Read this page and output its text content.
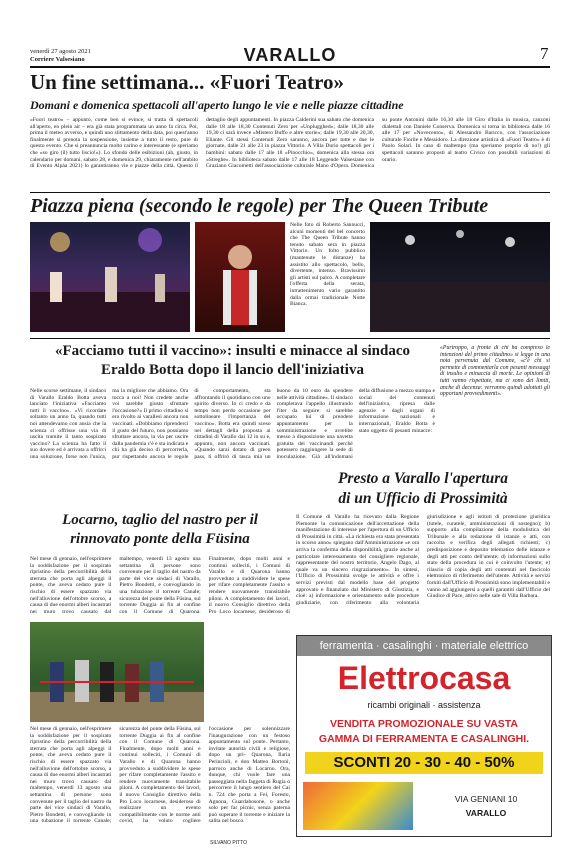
venerdì 27 agosto 2021
Corriere Valsesiano	VARALLO	7
Un fine settimana... «Fuori Teatro»
Domani e domenica spettacoli all'aperto lungo le vie e nelle piazze cittadine
«Fuori teatro» – appunto, come ben si evince, si tratta di spettacoli all'aperto, en plein air – era già stata programmata un anno fa circa. Poi, prima il meteo avverso, e quindi uno slittamento della data, poi quest'anno finalmente si prenota la sospensione, insieme a tutto il resto, pure di questo evento. Che si preannuncia molto carino e interessante (e speriamo che «so giro (il) tutto liscio!»). Lo sfondo delle esibizioni (ah, giusto, in calendario per domani, sabato 28, e domenica 29, chiaramente nell'ambito di Evento Alpàa 2021) lo garantiranno vie e piazze della città. Questo il dettaglio degli appuntamenti. In piazza Calderini sua sabato che domenica dalle 18 alle 18,30 Contenuti Zero per «Unplugghed»; dalle 18,30 alle 19,30 ci sarà invece «Mistero Buffo e altre storie»; dalle 19,30 alle 20,30, Eliante. Gli stessi Contenuti Zero saranno, ancora per tutte e due le giornate, dalle 21 alle 23 in piazza Vittorio. A Villa Durio spettacoli per i bambini: sabato dalle 17 alle 18 «Pinocchio», domenica alla stessa ora «Streghe». In biblioteca sabato dalle 17 alle 18 Leggende Valsesiane con Graziano Giacometti dell'associazione culturale Mano d'Opera. Domenica su ponte Antonini dalle 16,30 alle 18 Giro d'Italia in musica, canzoni dialettali con Daniele Conserva. Domenica si torna in biblioteca dalle 16 alle 17 per «Novecento», di Alessandro Baricco, con l'associazione culturale Fiorile e Messidoro. La direzione artistica di «Fuori Teatro» è di Paolo Solari. In caso di maltempo (ma speriamo proprio di no!) gli spettacoli saranno proposti al teatro Civico con possibili variazioni di orario.
Piazza piena (secondo le regole) per The Queen Tribute
Nelle foto di Roberto Sannucci, alcuni momenti del bel concerto che The Queen Tribute hanno tenuto sabato sera in piazza Vittorio. Un folto pubblico (mantenute le distanze) ha assistito allo spettacolo, bello, divertente, intenso. Bravissimi gli artisti sul palco. A completare l'offerta della serata, intrattenimento vario garantito dalla ormai tradizionale Notte Bianca.
«Facciamo tutti il vaccino»: insulti e minacce al sindaco
Eraldo Botta dopo il lancio dell'iniziativa
«Purtroppo, a fronte di chi ha compreso le intenzioni del primo cittadino» si legge in una nota pervenuta dal Comune, «c'è chi si permette di commentarla con pesanti messaggi di insulto e minaccia di morte. Le opinioni di tutti vanno rispettate, ma ci sono dei limiti, anche di decenza: verranno quindi adottati gli opportuni provvedimenti».
Nelle scorse settimane, il sindaco di Varallo Eraldo Botta aveva lanciato l'iniziativa «Facciamo tutti il vaccino». «Vi ricordate soltanto un anno fa, quando tutti noi attendevamo con ansia che la scienza ci offrisse una via di uscita tramite il tanto sospirato vaccino? La scienza ha fatto il suo dovere ed è arrivata a offrirci una soluzione, forse non l'unica, ma la migliore che abbiamo. Ora tocca a noi! Non credete anche voi sarebbe giusto sfruttare l'occasione?» Il primo cittadino si era rivolto ai varallesi ancora non vaccinati. «Dobbiamo riprenderci il gusto del futuro, non possiamo sfruttare ancora, la via per uscire dalla pandemia c'è e sta indicata e chi ha già deciso di percorrerla, pur rispettando ancora le regole di comportamento, sta affrontando il quotidiano con uno spirito diverso. Io ci credo e da tempo non perdo occasione per sottolineare l'importanza del vaccino». Botta era quindi sceso nei dettagli della proposta ai cittadini di Varallo dai 12 in su e, appunto, non ancora vaccinati. «Quando sarai dotato di green pass, ti offrirò di tasca mia un buono da 10 euro da spendere nelle attività cittadine». Il sindaco completava l'appello illustrando l'iter da seguire: si sarebbe occupato lui di prendere appuntamento per la somministrazione e avrebbe messo a disposizione una navetta gratuita dei vaccinandi perché potessero raggiungere la sede di inoculazione. Già all'indomani della diffusione a mezzo stampa e social dei contenuti dell'iniziativa, ripresa dalle agenzie e dagli organi di informazione nazionali e internazionali, Eraldo Botta è stato oggetto di pesanti minacce:
Presto a Varallo l'apertura
di un Ufficio di Prossimità
Il Comune di Varallo ha ricevuto dalla Regione Piemonte la comunicazione dell'accettazione della manifestazione di interesse per l'apertura di un Ufficio di Prossimità in città. «La richiesta era stata presentata in scorso anno» spiegano dall'Amministrazione «e ora arriva la conferma della disponibilità, grazie anche al particolare interessamento del consigliere regionale, rappresentante del nostro territorio, Angelo Dago, al quale va un sincero ringraziamento». In sintesi, l'Ufficio di Prossimità svolge le attività e offre i servizi previsti dal modello base del progetto approvato e finanziato dal Ministero di Giustizia, e cioè: a) informazione e orientamento sulle procedure giudiziarie, con riferimento alla volontaria giurisdizione e agli istituti di protezione giuridica (tutele, curatele, amministrazioni di sostegno); b) supporto alla compilazione della modulistica del Tribunale e alla redazione di istanze e atti, con raccolta e verifica degli allegati richiesti; c) predisposizione e deposito telematico delle istanze e degli atti per conto dell'utente; d) informazioni sullo stato della procedura in cui è coinvolto l'utente; e) rilascio di copia degli atti contenuti nel fascicolo elettronico di riferimento dell'utente. Attività e servizi forniti dall'Ufficio di Prossimità sono implementabili e vanno ad aggiungersi a quelli garantiti dall'Ufficio del Giudice di Pace, attivo nelle sale di Villa Barbara.
Locarno, taglio del nastro per il
rinnovato ponte della Füsina
Nel mese di gennaio, nell'esprimere la soddisfazione per il sospirato ripristino della percorribilità della sterrata che porta agli alpeggi il ponte, che aveva ceduto pure il rischio di essere spazzato via nell'alluvione dell'ottobre scorso, a causa di due enormi alberi incastrati nei muro trovo causato dal maltempo, venerdì 13 agosto una settantina di persone sono convenute per il taglio del nastro da parte dei vice sindaci di Varallo, Pietro Bondetti, e convogliando in una tubazione il torrente Canale; sicurezza del ponte della Füsina, sul torrente Duggia ai fin al confine con il Comune di Quarona. Finalmente, dopo molti anni e continui solleciti, i Comuni di Varallo e di Quarona hanno provveduto a suddividere le spese per rifare completamente l'assito e rendere nuovamente transitabile piloni. A completamento dei lavori, il nuovo Consiglio direttivo della Pro Loco locarnese, desideroso di
Nel mese di gennaio, nell'esprimere la soddisfazione per il sospirato ripristino della percorribilità della sterrata che porta agli alpeggi il ponte, che aveva ceduto pure il rischio di essere spazzato via nell'alluvione dell'ottobre scorso, a causa di due enormi alberi incastrati nei muro trovo causato dal maltempo, venerdì 13 agosto una settantina di persone sono convenute per il taglio del nastro da parte dei vice sindaci di Varallo, Pietro Bondetti, e convogliando in una tubazione il torrente Canale; sicurezza del ponte della Füsina, sul torrente Duggia ai fin al confine con il Comune di Quarona. Finalmente, dopo molti anni e continui solleciti, i Comuni di Varallo e di Quarona hanno provveduto a suddividere le spese per rifare completamente l'assito e rendere nuovamente transitabile piloni. A completamento dei lavori, il nuovo Consiglio direttivo della Pro Loco locarnese, desideroso di realizzare un evento compatibilmente con le norme anti covid, ha voluto cogliere l'occasione per solennizzare l'inaugurazione con un festoso appuntamento sul ponte. Pertanto, invitate autorità civili e religiose, dopo un pri- Quarona, Ilaria Perincioli, e don Matteo Bortoni, parroco anche di Locarno. Ora, dunque, chi vuole fare una passeggiata nella faggeta di Rugia o percorrere il lungo sentiero del Cai n. 724 che porta a Fei, Foresto, Agnona, Guardabosone, o anche solo per far picnic, senza paterna può superare il torrente e iniziare la salita nel bosco.
SILVANO PITTO
ferramenta · casalinghi · materiale elettrico
Elettrocasa
ricambi originali · assistenza
VENDITA PROMOZIONALE SU VASTA
GAMMA DI FERRAMENTA E CASALINGHI.
SCONTI 20 - 30 - 40 - 50%
VIA GENIANI 10
VARALLO
